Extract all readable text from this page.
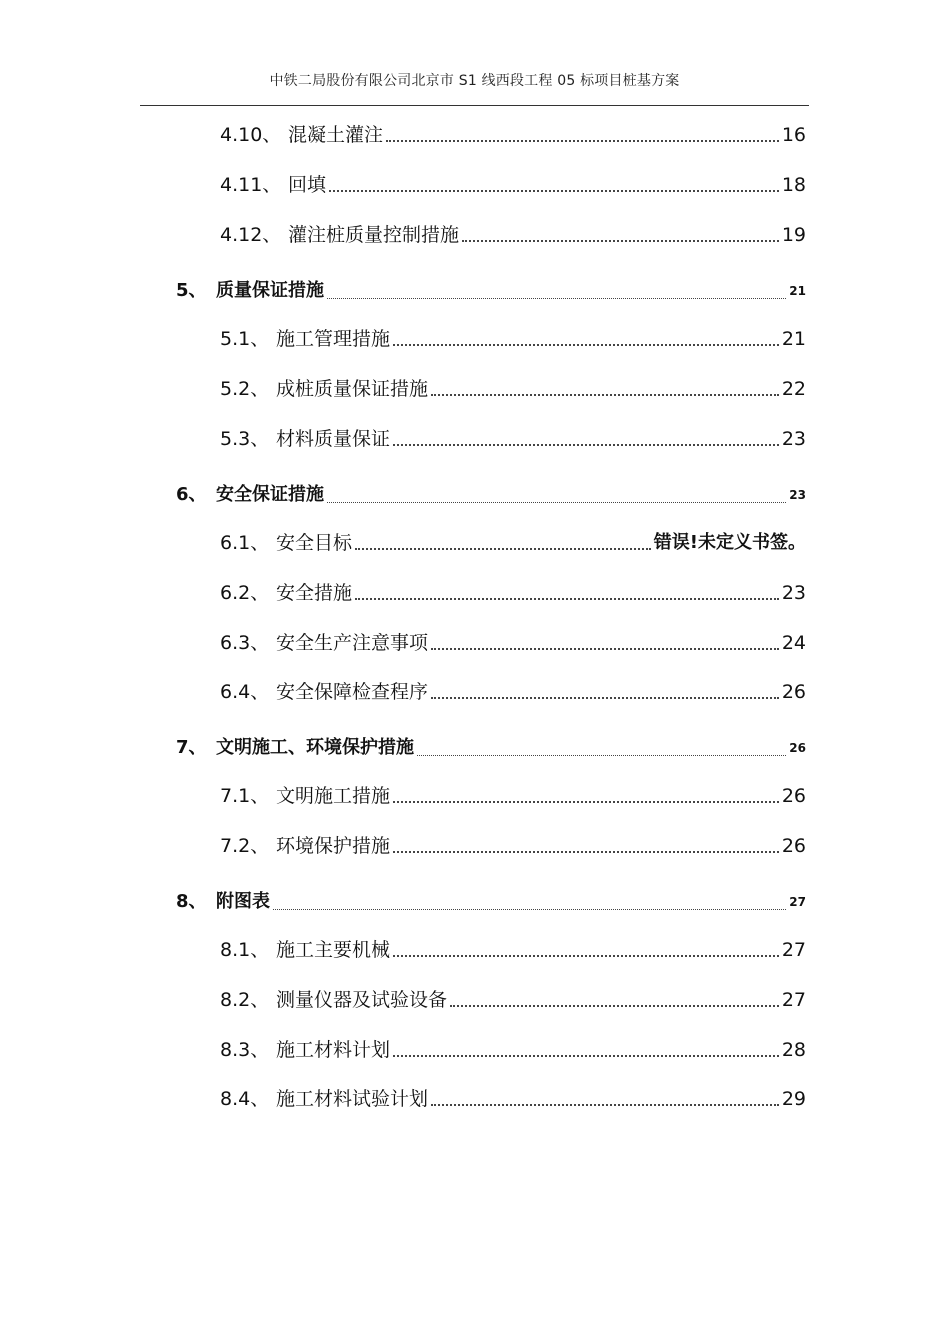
中铁二局股份有限公司北京市 S1 线西段工程 05 标项目桩基方案
4.10、 混凝土灌注	16
4.11、 回填	18
4.12、 灌注桩质量控制措施	19
5、 质量保证措施	21
5.1、 施工管理措施	21
5.2、 成桩质量保证措施	22
5.3、 材料质量保证	23
6、 安全保证措施	23
6.1、 安全目标	错误!未定义书签。
6.2、 安全措施	23
6.3、 安全生产注意事项	24
6.4、 安全保障检查程序	26
7、 文明施工、环境保护措施	26
7.1、 文明施工措施	26
7.2、 环境保护措施	26
8、 附图表	27
8.1、 施工主要机械	27
8.2、 测量仪器及试验设备	27
8.3、 施工材料计划	28
8.4、 施工材料试验计划	29
